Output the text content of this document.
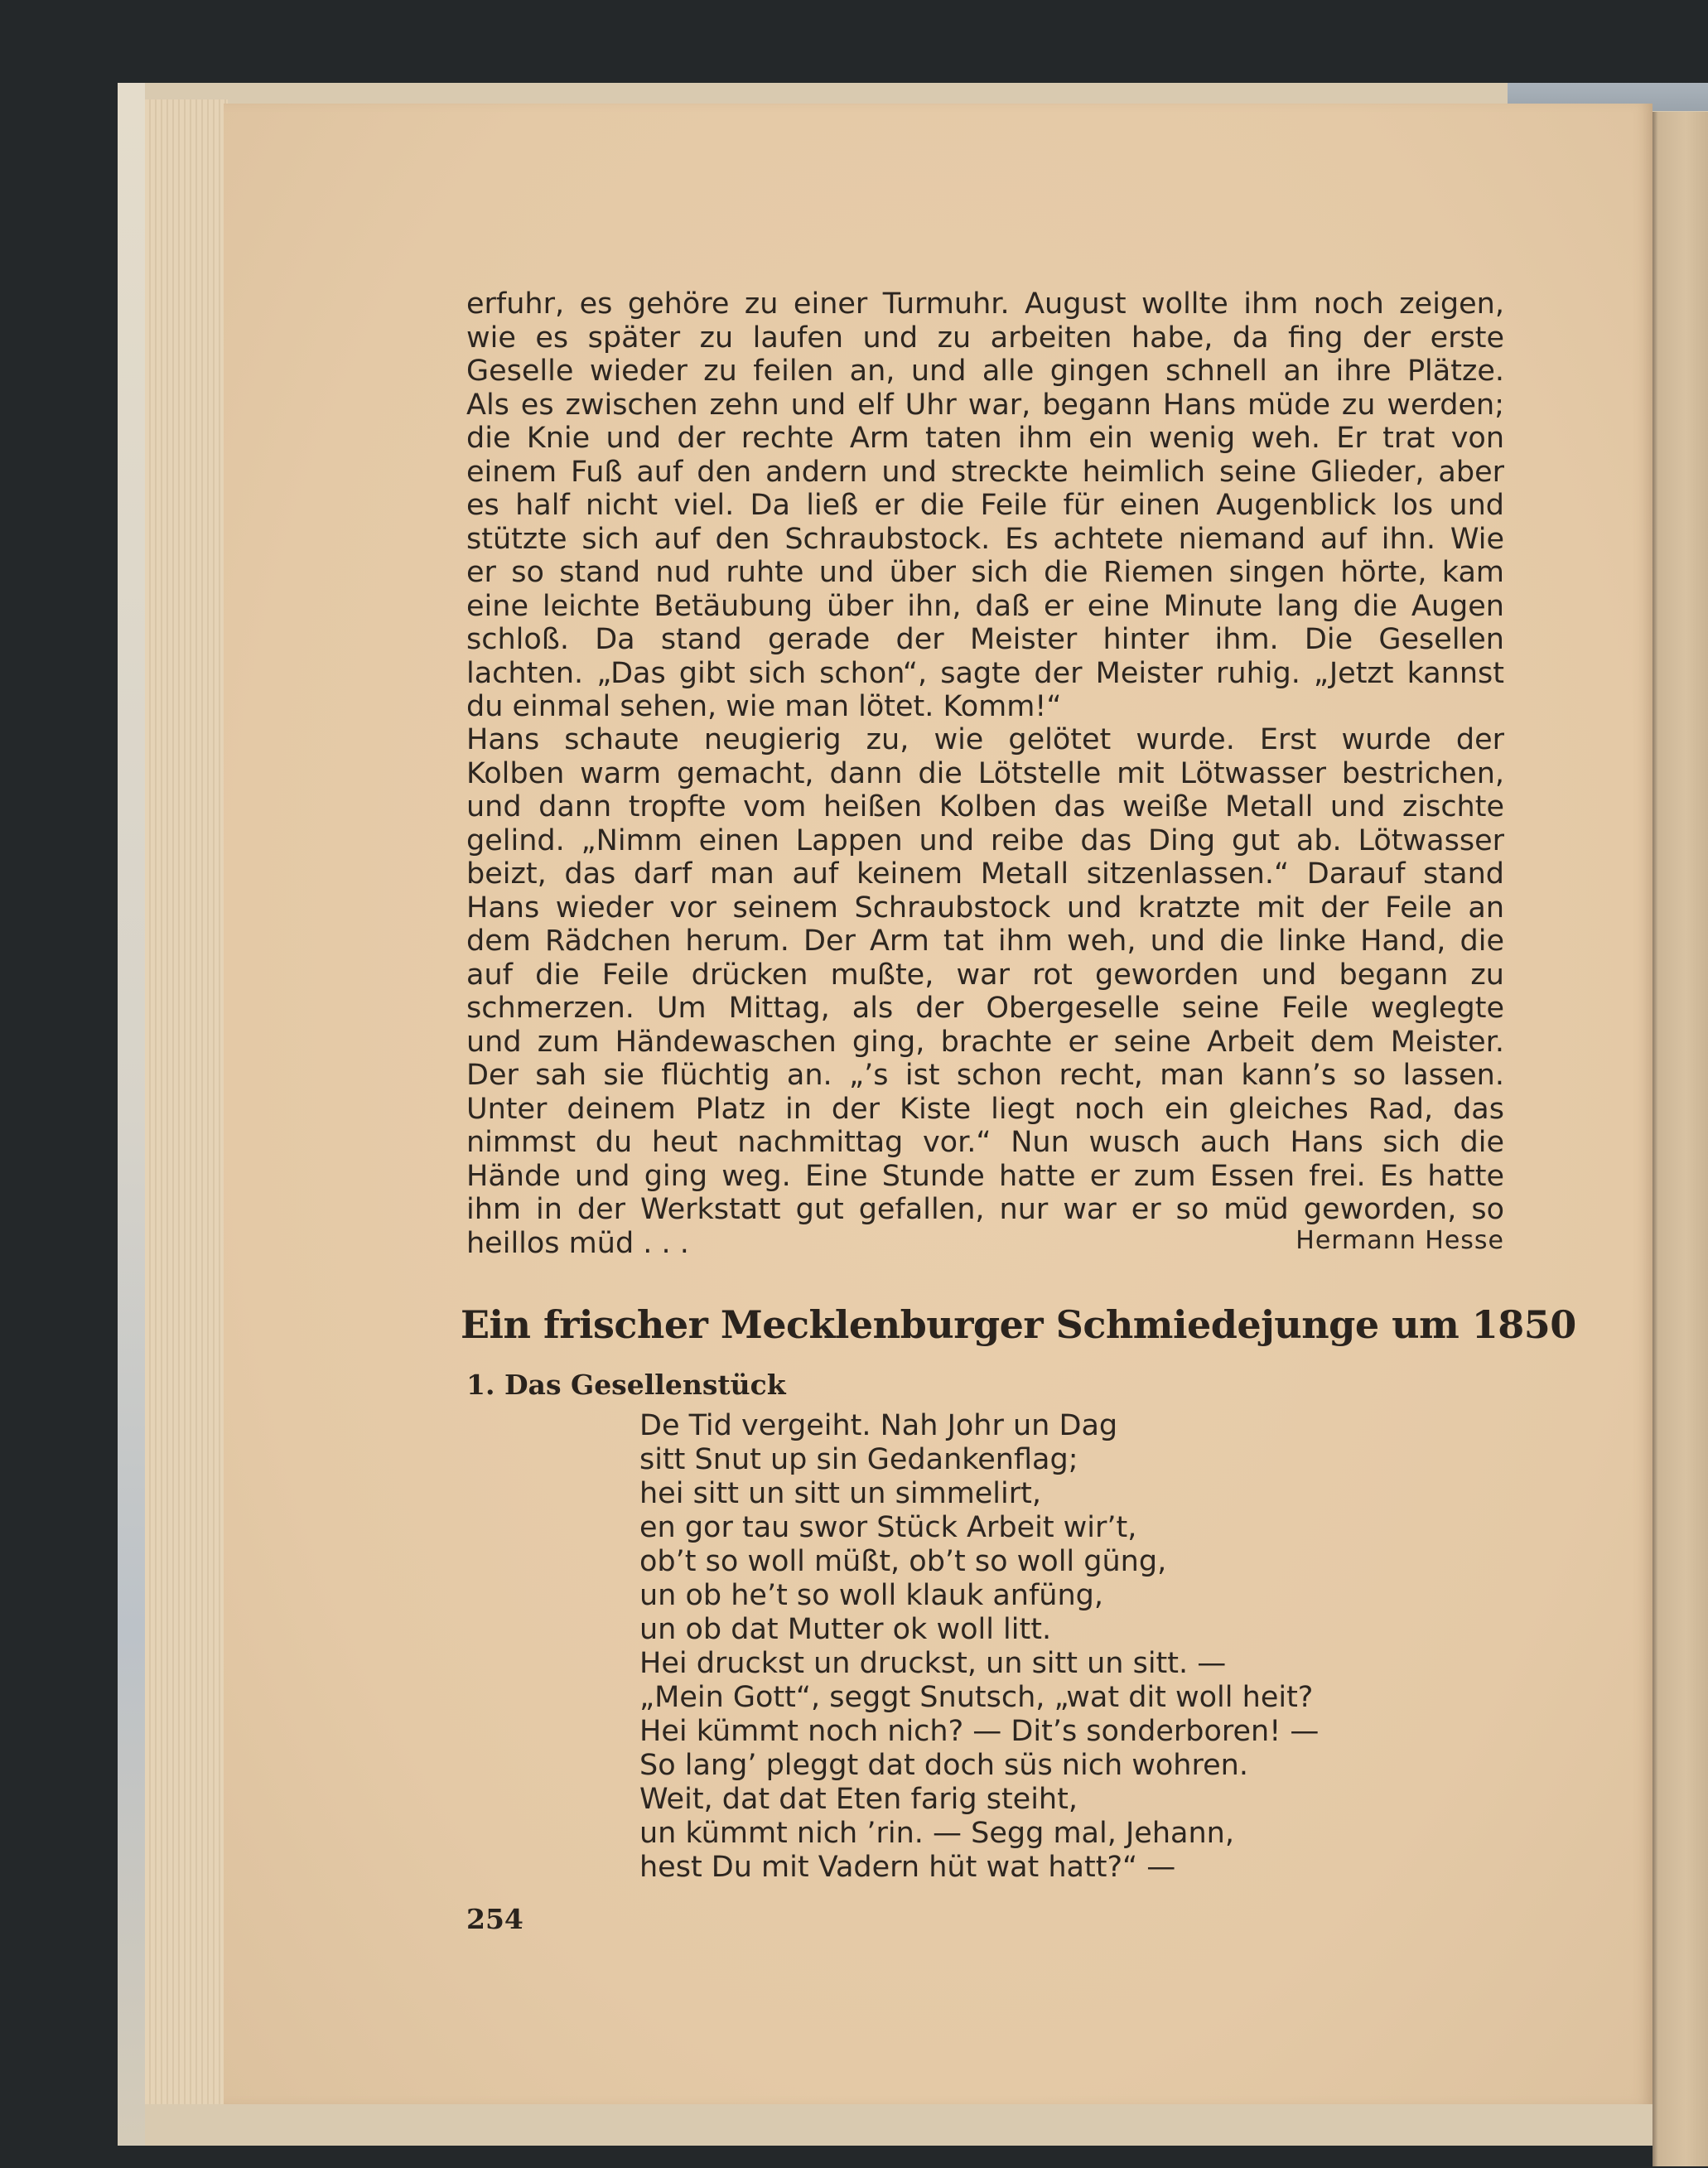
erfuhr, es gehöre zu einer Turmuhr. August wollte ihm noch zeigen,
wie es später zu laufen und zu arbeiten habe, da fing der erste
Geselle wieder zu feilen an, und alle gingen schnell an ihre Plätze.
Als es zwischen zehn und elf Uhr war, begann Hans müde zu werden;
die Knie und der rechte Arm taten ihm ein wenig weh. Er trat von
einem Fuß auf den andern und streckte heimlich seine Glieder, aber
es half nicht viel. Da ließ er die Feile für einen Augenblick los und
stützte sich auf den Schraubstock. Es achtete niemand auf ihn. Wie
er so stand nud ruhte und über sich die Riemen singen hörte, kam
eine leichte Betäubung über ihn, daß er eine Minute lang die Augen
schloß. Da stand gerade der Meister hinter ihm. Die Gesellen
lachten. „Das gibt sich schon“, sagte der Meister ruhig. „Jetzt kannst
du einmal sehen, wie man lötet. Komm!“
Hans schaute neugierig zu, wie gelötet wurde. Erst wurde der
Kolben warm gemacht, dann die Lötstelle mit Lötwasser bestrichen,
und dann tropfte vom heißen Kolben das weiße Metall und zischte
gelind. „Nimm einen Lappen und reibe das Ding gut ab. Lötwasser
beizt, das darf man auf keinem Metall sitzenlassen.“ Darauf stand
Hans wieder vor seinem Schraubstock und kratzte mit der Feile an
dem Rädchen herum. Der Arm tat ihm weh, und die linke Hand, die
auf die Feile drücken mußte, war rot geworden und begann zu
schmerzen. Um Mittag, als der Obergeselle seine Feile weglegte
und zum Händewaschen ging, brachte er seine Arbeit dem Meister.
Der sah sie flüchtig an. „’s ist schon recht, man kann’s so lassen.
Unter deinem Platz in der Kiste liegt noch ein gleiches Rad, das
nimmst du heut nachmittag vor.“ Nun wusch auch Hans sich die
Hände und ging weg. Eine Stunde hatte er zum Essen frei. Es hatte
ihm in der Werkstatt gut gefallen, nur war er so müd geworden, so
heillos müd . . .	Hermann Hesse
Ein frischer Mecklenburger Schmiedejunge um 1850
1. Das Gesellenstück
De Tid vergeiht. Nah Johr un Dag
sitt Snut up sin Gedankenflag;
hei sitt un sitt un simmelirt,
en gor tau swor Stück Arbeit wir’t,
ob’t so woll müßt, ob’t so woll güng,
un ob he’t so woll klauk anfüng,
un ob dat Mutter ok woll litt.
Hei druckst un druckst, un sitt un sitt. —
„Mein Gott“, seggt Snutsch, „wat dit woll heit?
Hei kümmt noch nich? — Dit’s sonderboren! —
So lang’ pleggt dat doch süs nich wohren.
Weit, dat dat Eten farig steiht,
un kümmt nich ’rin. — Segg mal, Jehann,
hest Du mit Vadern hüt wat hatt?“ —
254
